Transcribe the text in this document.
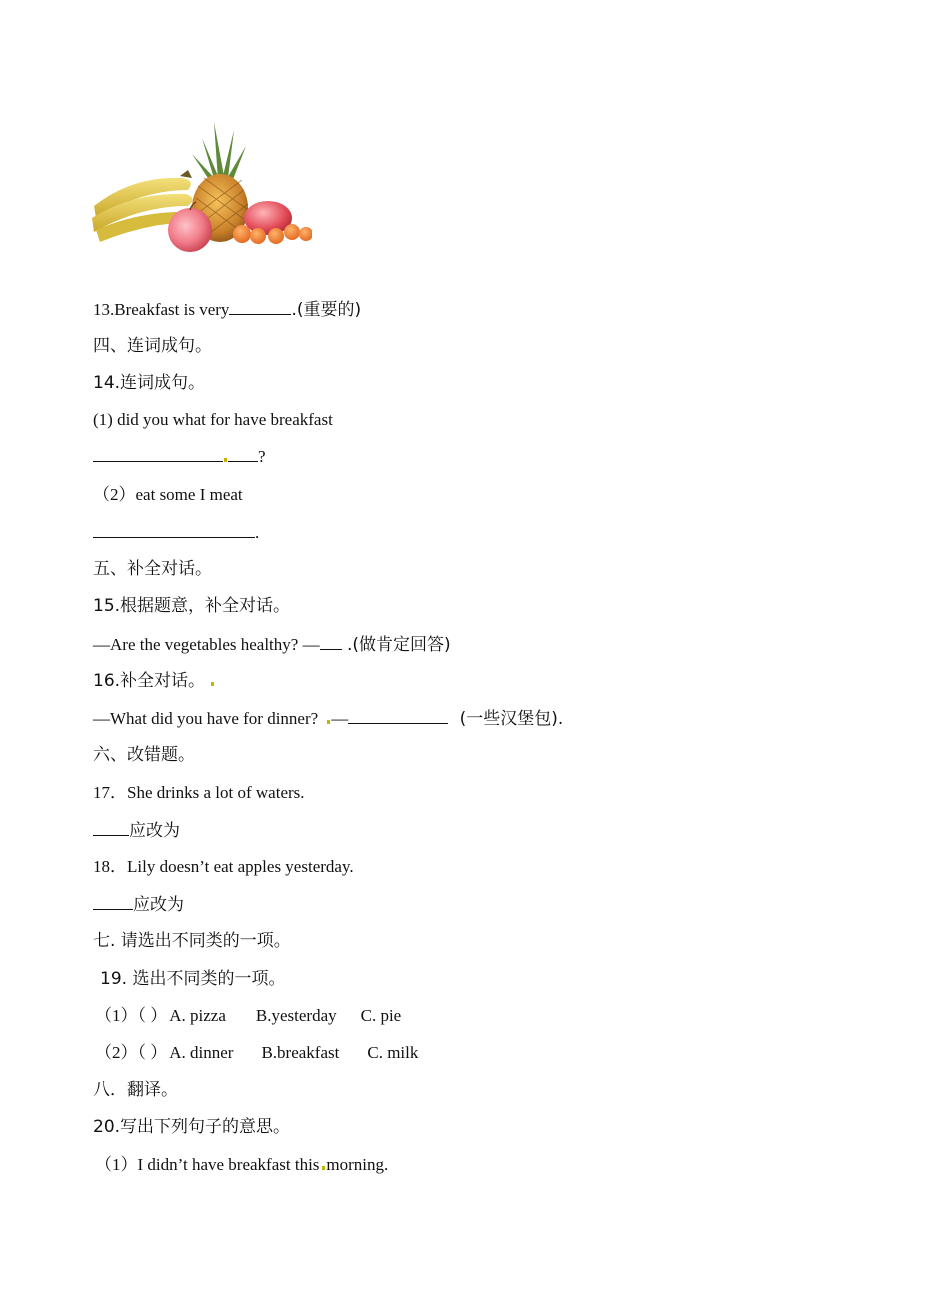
13.Breakfast is very	.(重要的)
四、连词成句。
14.连词成句。
(1) did you what for have breakfast
?
（2）eat some I meat
.
五、补全对话。
15.根据题意，补全对话。
—Are the vegetables healthy? — .(做肯定回答)
16.补全对话。
—What did you have for dinner? —	(一些汉堡包).
六、改错题。
17．She drinks a lot of waters.
应改为
18．Lily doesn’t eat apples yesterday.
应改为
七. 请选出不同类的一项。
19. 选出不同类的一项。
（1）（ ） A. pizza B.yesterday C. pie
（2）（ ） A. dinner B.breakfast C. milk
八．翻译。
20.写出下列句子的意思。
（1）I didn’t have breakfast this morning.
